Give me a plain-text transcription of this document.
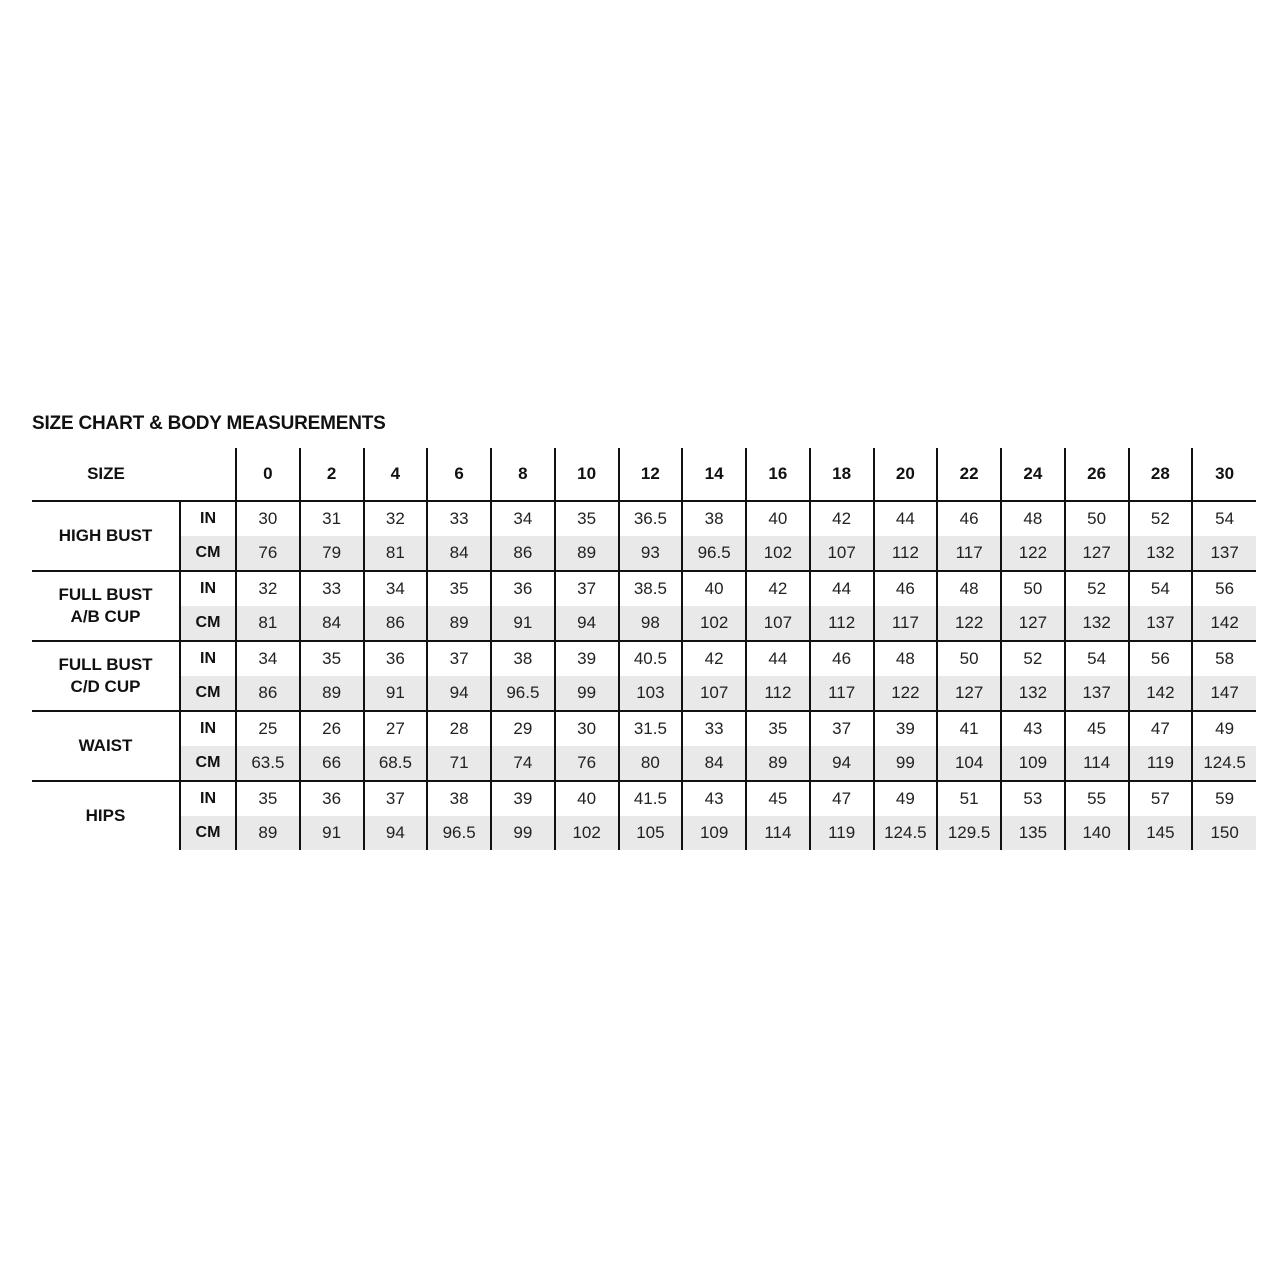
SIZE CHART & BODY MEASUREMENTS
SIZE		0	2	4	6	8	10	12	14	16	18	20	22	24	26	28	30
HIGH BUST	IN	30	31	32	33	34	35	36.5	38	40	42	44	46	48	50	52	54
	CM	76	79	81	84	86	89	93	96.5	102	107	112	117	122	127	132	137
FULL BUST
A/B CUP	IN	32	33	34	35	36	37	38.5	40	42	44	46	48	50	52	54	56
	CM	81	84	86	89	91	94	98	102	107	112	117	122	127	132	137	142
FULL BUST
C/D CUP	IN	34	35	36	37	38	39	40.5	42	44	46	48	50	52	54	56	58
	CM	86	89	91	94	96.5	99	103	107	112	117	122	127	132	137	142	147
WAIST	IN	25	26	27	28	29	30	31.5	33	35	37	39	41	43	45	47	49
	CM	63.5	66	68.5	71	74	76	80	84	89	94	99	104	109	114	119	124.5
HIPS	IN	35	36	37	38	39	40	41.5	43	45	47	49	51	53	55	57	59
	CM	89	91	94	96.5	99	102	105	109	114	119	124.5	129.5	135	140	145	150
